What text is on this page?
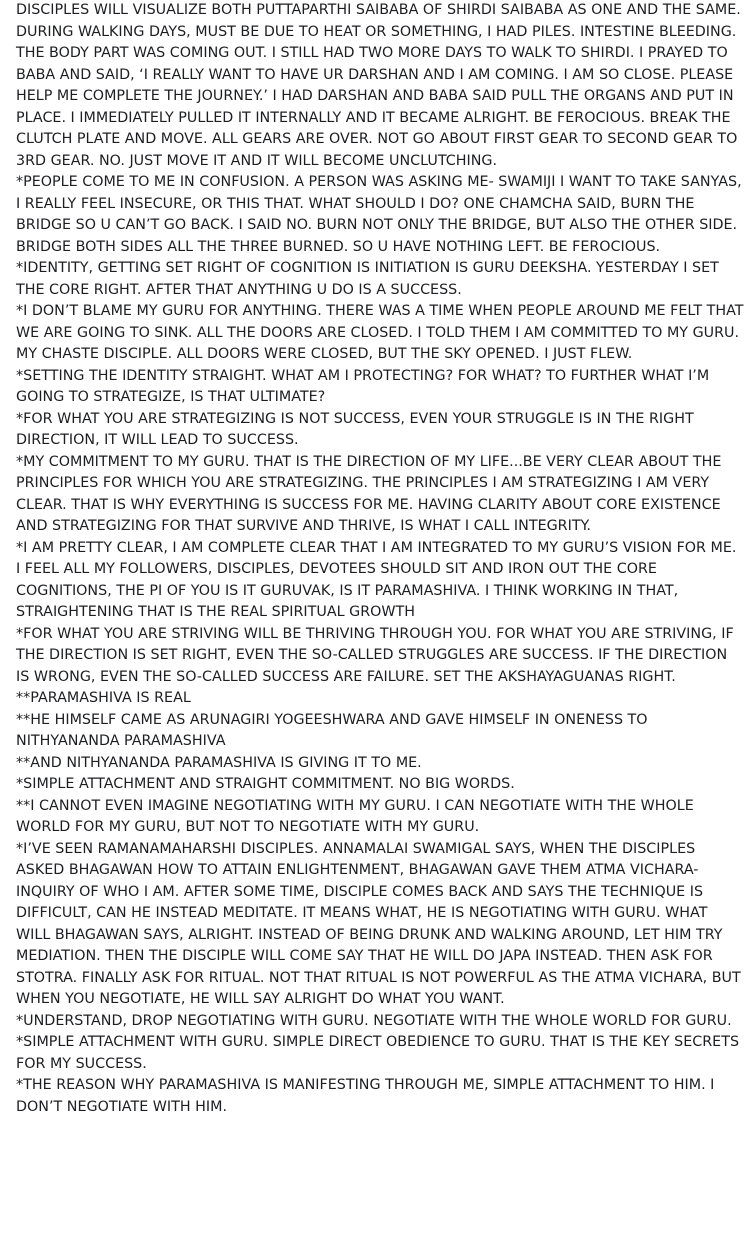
DISCIPLES WILL VISUALIZE BOTH PUTTAPARTHI SAIBABA OF SHIRDI SAIBABA AS ONE AND THE SAME. DURING WALKING DAYS, MUST BE DUE TO HEAT OR SOMETHING, I HAD PILES. INTESTINE BLEEDING. THE BODY PART WAS COMING OUT. I STILL HAD TWO MORE DAYS TO WALK TO SHIRDI. I PRAYED TO BABA AND SAID, ‘I REALLY WANT TO HAVE UR DARSHAN AND I AM COMING. I AM SO CLOSE. PLEASE HELP ME COMPLETE THE JOURNEY.’ I HAD DARSHAN AND BABA SAID PULL THE ORGANS AND PUT IN PLACE. I IMMEDIATELY PULLED IT INTERNALLY AND IT BECAME ALRIGHT. BE FEROCIOUS. BREAK THE CLUTCH PLATE AND MOVE. ALL GEARS ARE OVER. NOT GO ABOUT FIRST GEAR TO SECOND GEAR TO 3RD GEAR. NO. JUST MOVE IT AND IT WILL BECOME UNCLUTCHING.

*PEOPLE COME TO ME IN CONFUSION. A PERSON WAS ASKING ME- SWAMIJI I WANT TO TAKE SANYAS, I REALLY FEEL INSECURE, OR THIS THAT. WHAT SHOULD I DO? ONE CHAMCHA SAID, BURN THE BRIDGE SO U CAN’T GO BACK. I SAID NO. BURN NOT ONLY THE BRIDGE, BUT ALSO THE OTHER SIDE. BRIDGE BOTH SIDES ALL THE THREE BURNED. SO U HAVE NOTHING LEFT. BE FEROCIOUS.

*IDENTITY, GETTING SET RIGHT OF COGNITION IS INITIATION IS GURU DEEKSHA. YESTERDAY I SET THE CORE RIGHT. AFTER THAT ANYTHING U DO IS A SUCCESS.

*I DON’T BLAME MY GURU FOR ANYTHING. THERE WAS A TIME WHEN PEOPLE AROUND ME FELT THAT WE ARE GOING TO SINK. ALL THE DOORS ARE CLOSED. I TOLD THEM I AM COMMITTED TO MY GURU. MY CHASTE DISCIPLE. ALL DOORS WERE CLOSED, BUT THE SKY OPENED. I JUST FLEW.

*SETTING THE IDENTITY STRAIGHT. WHAT AM I PROTECTING? FOR WHAT? TO FURTHER WHAT I’M GOING TO STRATEGIZE, IS THAT ULTIMATE?

*FOR WHAT YOU ARE STRATEGIZING IS NOT SUCCESS, EVEN YOUR STRUGGLE IS IN THE RIGHT DIRECTION, IT WILL LEAD TO SUCCESS.

*MY COMMITMENT TO MY GURU. THAT IS THE DIRECTION OF MY LIFE...BE VERY CLEAR ABOUT THE PRINCIPLES FOR WHICH YOU ARE STRATEGIZING. THE PRINCIPLES I AM STRATEGIZING I AM VERY CLEAR. THAT IS WHY EVERYTHING IS SUCCESS FOR ME. HAVING CLARITY ABOUT CORE EXISTENCE AND STRATEGIZING FOR THAT SURVIVE AND THRIVE, IS WHAT I CALL INTEGRITY.

*I AM PRETTY CLEAR, I AM COMPLETE CLEAR THAT I AM INTEGRATED TO MY GURU’S VISION FOR ME. I FEEL ALL MY FOLLOWERS, DISCIPLES, DEVOTEES SHOULD SIT AND IRON OUT THE CORE COGNITIONS, THE PI OF YOU IS IT GURUVAK, IS IT PARAMASHIVA. I THINK WORKING IN THAT, STRAIGHTENING THAT IS THE REAL SPIRITUAL GROWTH

*FOR WHAT YOU ARE STRIVING WILL BE THRIVING THROUGH YOU. FOR WHAT YOU ARE STRIVING, IF THE DIRECTION IS SET RIGHT, EVEN THE SO-CALLED STRUGGLES ARE SUCCESS. IF THE DIRECTION IS WRONG, EVEN THE SO-CALLED SUCCESS ARE FAILURE. SET THE AKSHAYAGUANAS RIGHT.

**PARAMASHIVA IS REAL

**HE HIMSELF CAME AS ARUNAGIRI YOGEESHWARA AND GAVE HIMSELF IN ONENESS TO NITHYANANDA PARAMASHIVA

**AND NITHYANANDA PARAMASHIVA IS GIVING IT TO ME.

*SIMPLE ATTACHMENT AND STRAIGHT COMMITMENT. NO BIG WORDS.

**I CANNOT EVEN IMAGINE NEGOTIATING WITH MY GURU. I CAN NEGOTIATE WITH THE WHOLE WORLD FOR MY GURU, BUT NOT TO NEGOTIATE WITH MY GURU.

*I’VE SEEN RAMANAMAHARSHI DISCIPLES. ANNAMALAI SWAMIGAL SAYS, WHEN THE DISCIPLES ASKED BHAGAWAN HOW TO ATTAIN ENLIGHTENMENT, BHAGAWAN GAVE THEM ATMA VICHARA- INQUIRY OF WHO I AM. AFTER SOME TIME, DISCIPLE COMES BACK AND SAYS THE TECHNIQUE IS DIFFICULT, CAN HE INSTEAD MEDITATE. IT MEANS WHAT, HE IS NEGOTIATING WITH GURU. WHAT WILL BHAGAWAN SAYS, ALRIGHT. INSTEAD OF BEING DRUNK AND WALKING AROUND, LET HIM TRY MEDIATION. THEN THE DISCIPLE WILL COME SAY THAT HE WILL DO JAPA INSTEAD. THEN ASK FOR STOTRA. FINALLY ASK FOR RITUAL. NOT THAT RITUAL IS NOT POWERFUL AS THE ATMA VICHARA, BUT WHEN YOU NEGOTIATE, HE WILL SAY ALRIGHT DO WHAT YOU WANT.

*UNDERSTAND, DROP NEGOTIATING WITH GURU. NEGOTIATE WITH THE WHOLE WORLD FOR GURU.

*SIMPLE ATTACHMENT WITH GURU. SIMPLE DIRECT OBEDIENCE TO GURU. THAT IS THE KEY SECRETS FOR MY SUCCESS.

*THE REASON WHY PARAMASHIVA IS MANIFESTING THROUGH ME, SIMPLE ATTACHMENT TO HIM. I DON’T NEGOTIATE WITH HIM.
